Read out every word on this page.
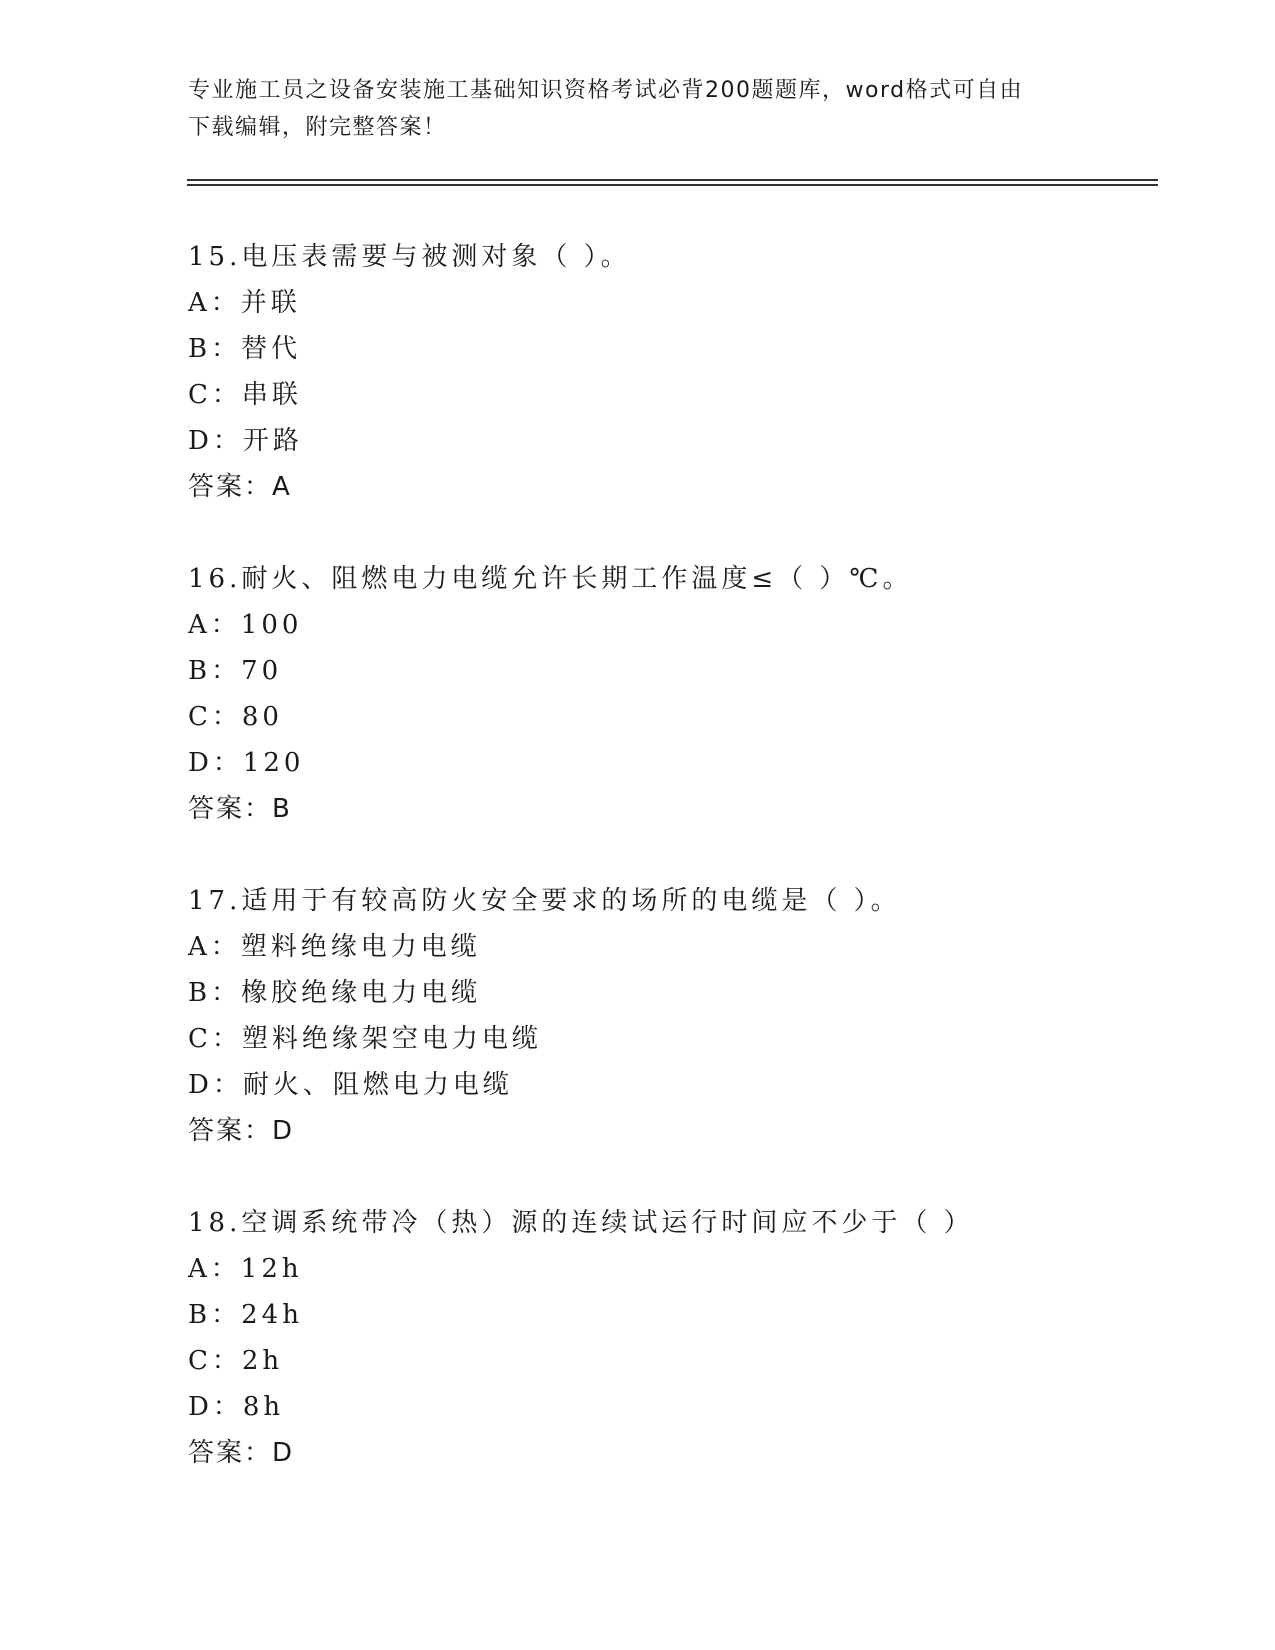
专业施工员之设备安装施工基础知识资格考试必背200题题库，word格式可自由
下载编辑，附完整答案！
15.电压表需要与被测对象（ ）。
A：并联
B：替代
C：串联
D：开路
答案：A
16.耐火、阻燃电力电缆允许长期工作温度≤（ ）℃。
A：100
B：70
C：80
D：120
答案：B
17.适用于有较高防火安全要求的场所的电缆是（ ）。
A：塑料绝缘电力电缆
B：橡胶绝缘电力电缆
C：塑料绝缘架空电力电缆
D：耐火、阻燃电力电缆
答案：D
18.空调系统带冷（热）源的连续试运行时间应不少于（ ）
A：12h
B：24h
C：2h
D：8h
答案：D
